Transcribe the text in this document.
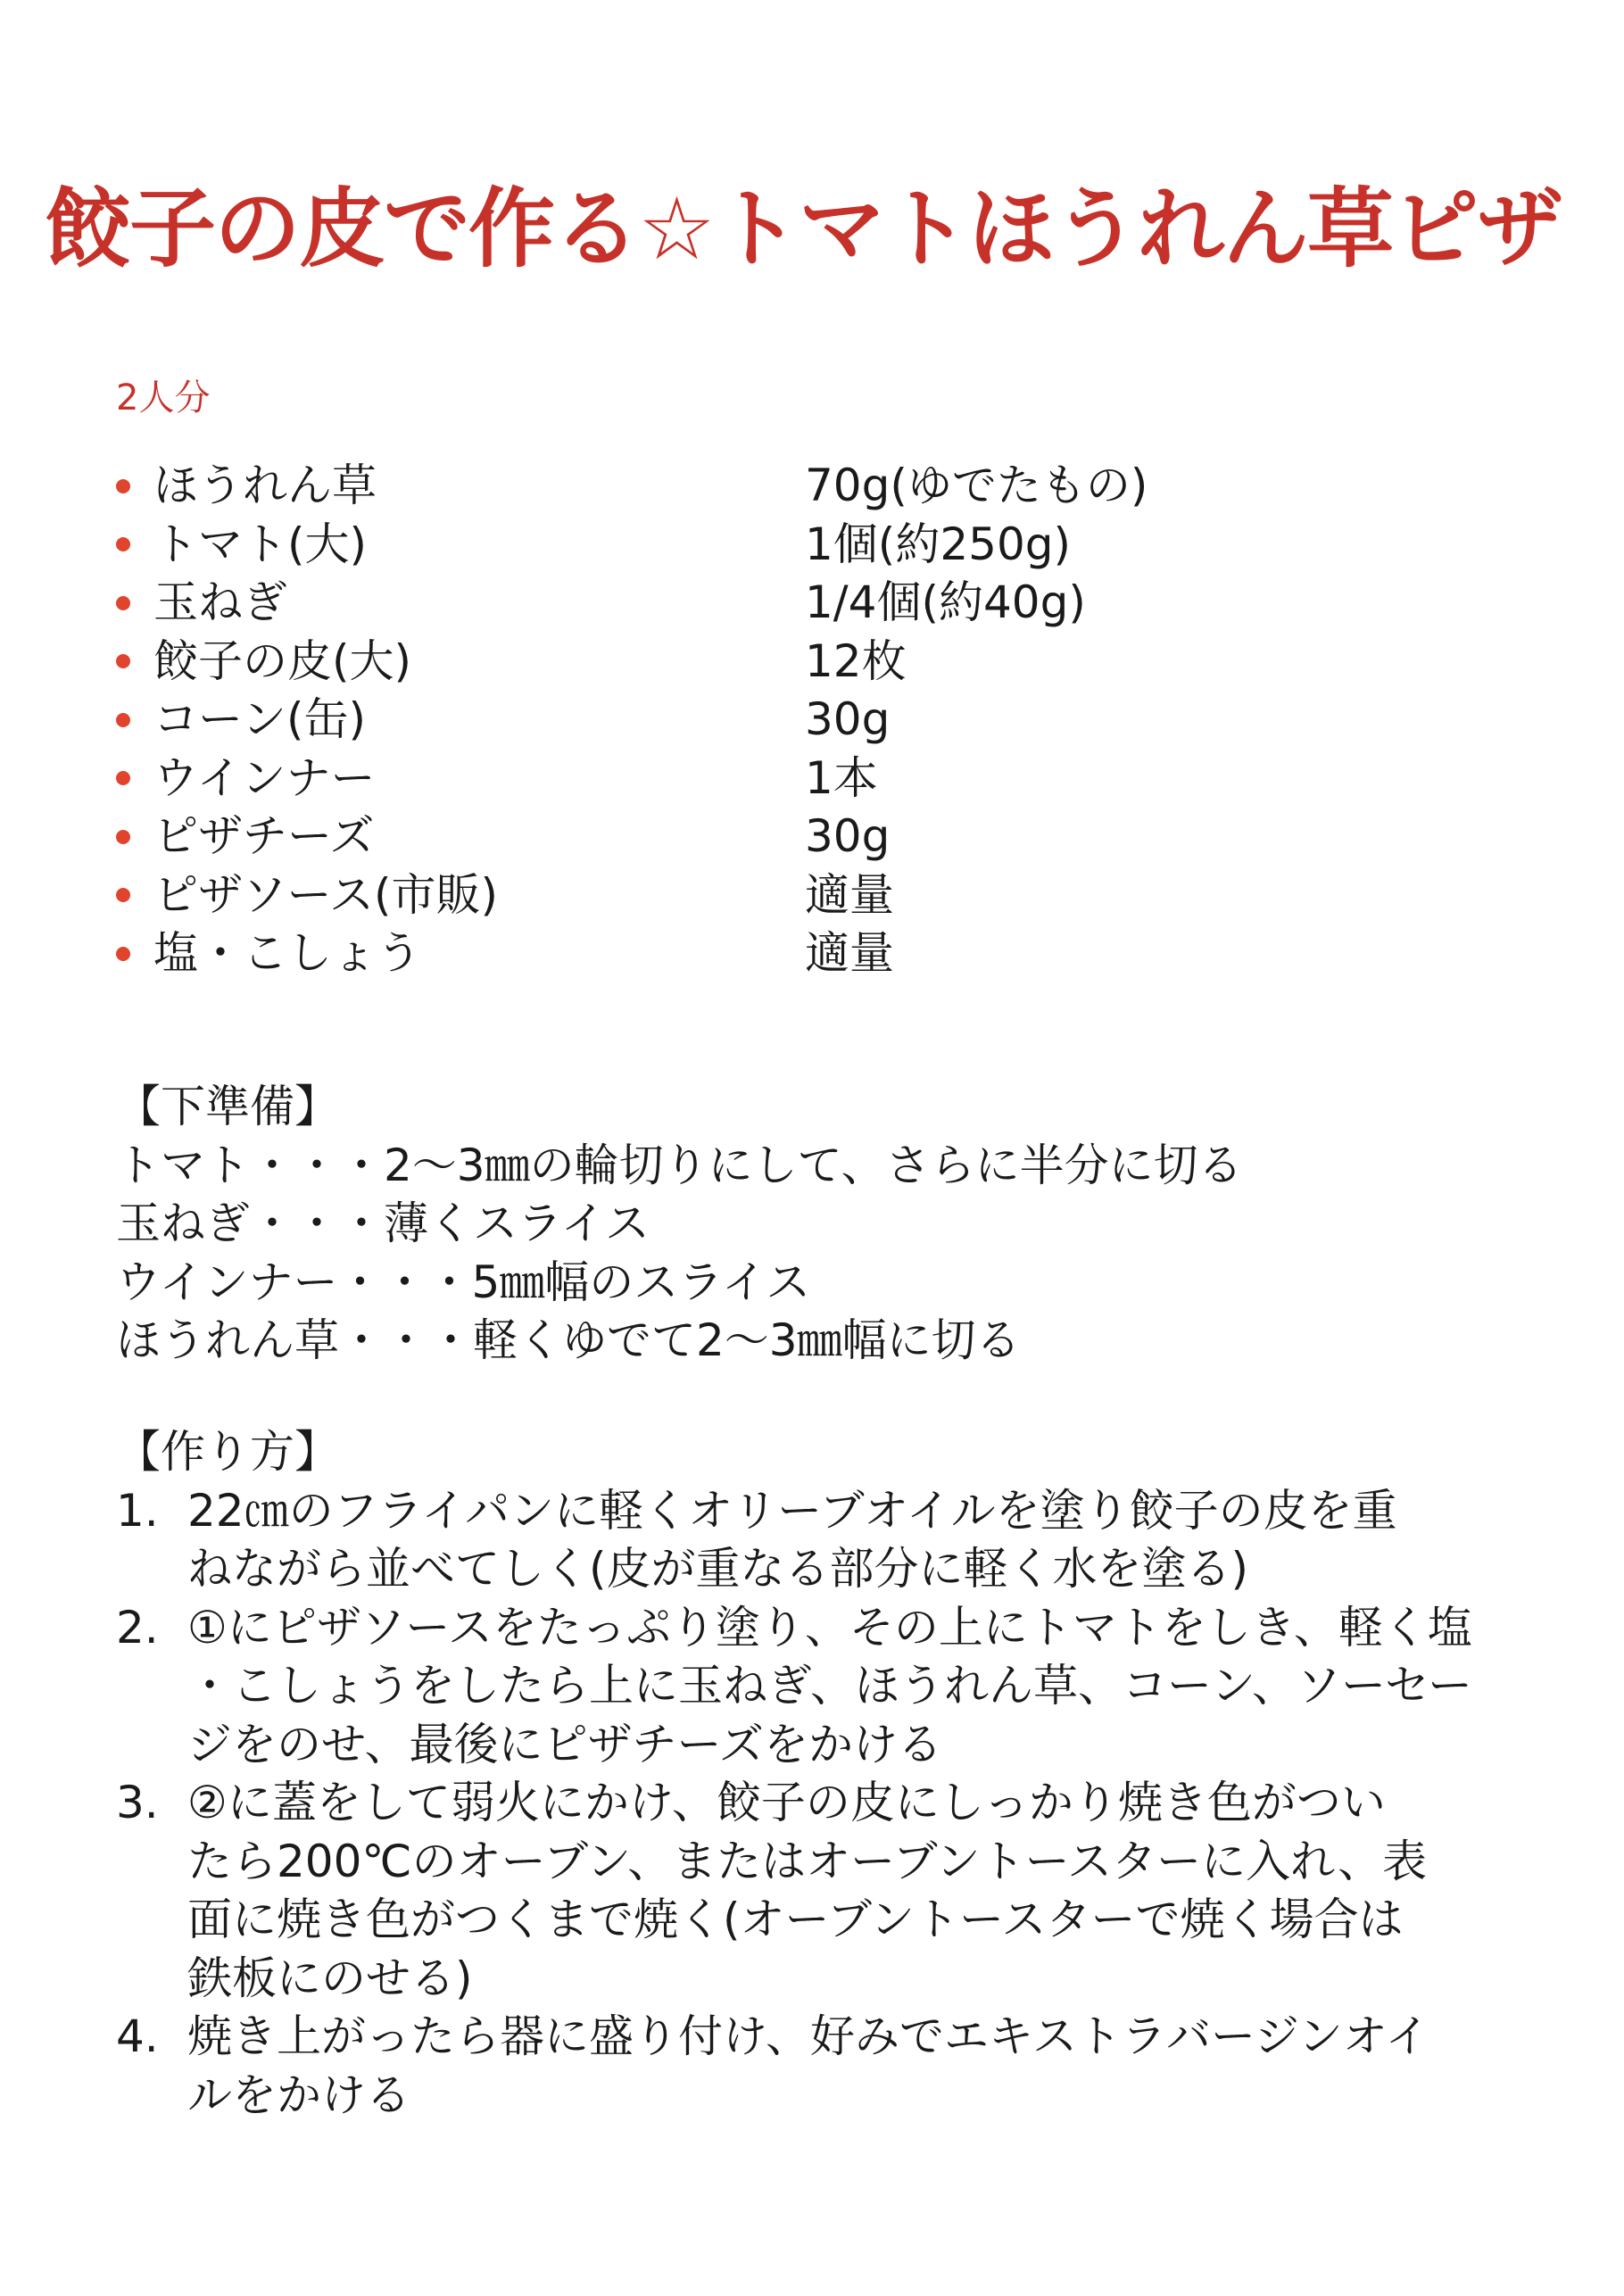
餃子の皮で作る☆トマトほうれん草ピザ
2人分
ほうれん草	70g(ゆでたもの)
トマト(大)	1個(約250g)
玉ねぎ	1/4個(約40g)
餃子の皮(大)	12枚
コーン(缶)	30g
ウインナー	1本
ピザチーズ	30g
ピザソース(市販)	適量
塩・こしょう	適量
【下準備】
トマト・・・2〜3㎜の輪切りにして、さらに半分に切る
玉ねぎ・・・薄くスライス
ウインナー・・・5㎜幅のスライス
ほうれん草・・・軽くゆでて2〜3㎜幅に切る
【作り方】
1. 22㎝のフライパンに軽くオリーブオイルを塗り餃子の皮を重
ねながら並べてしく(皮が重なる部分に軽く水を塗る)
2. ①にピザソースをたっぷり塗り、その上にトマトをしき、軽く塩
・こしょうをしたら上に玉ねぎ、ほうれん草、コーン、ソーセー
ジをのせ、最後にピザチーズをかける
3. ②に蓋をして弱火にかけ、餃子の皮にしっかり焼き色がつい
たら200℃のオーブン、またはオーブントースターに入れ、表
面に焼き色がつくまで焼く(オーブントースターで焼く場合は
鉄板にのせる)
4. 焼き上がったら器に盛り付け、好みでエキストラバージンオイ
ルをかける
